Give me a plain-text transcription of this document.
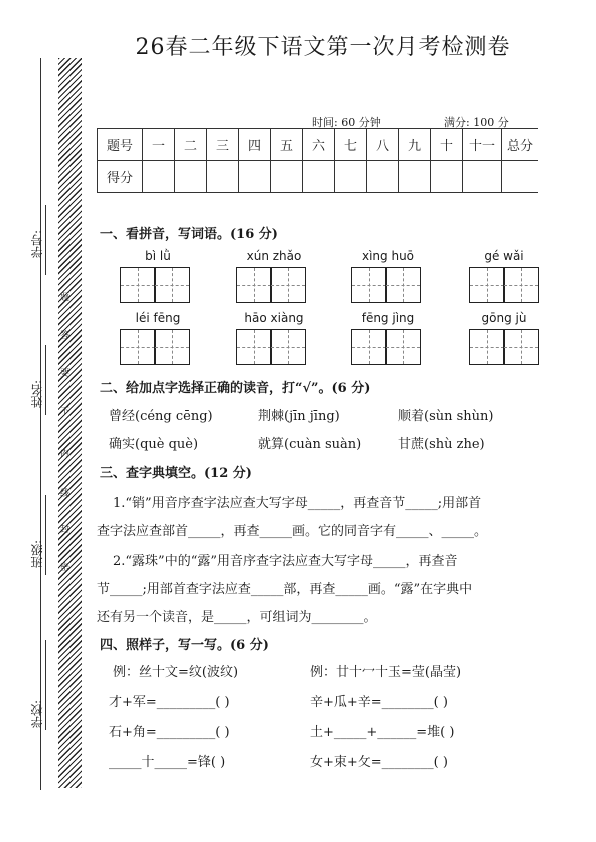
26春二年级下语文第一次月考检测卷
学号:
姓名:
班级:
学校:
题
答
要
不
内
线
封
密
时间: 60 分钟	满分: 100 分
题号	一	二	三	四	五	六	七	八	九	十	十一	总分
得分												
一、看拼音，写词语。(16 分)
bì lǜ	xún zhǎo	xìng huō	gé wǎi
léi fēng	hāo xiàng	fēng jìng	gōng jù
二、给加点字选择正确的读音，打“√”。(6 分)
曾经(céng cēng)	荆棘(jīn jīng)	顺着(sùn shùn)
确实(què què)	就算(cuàn suàn)	甘蔗(shù zhe)
三、查字典填空。(12 分)
1.“销”用音序查字法应查大写字母_____，再查音节_____;用部首
查字法应查部首_____，再查_____画。它的同音字有_____、_____。
2.“露珠”中的“露”用音序查字法应查大写字母_____，再查音
节_____;用部首查字法应查_____部，再查_____画。“露”在字典中
还有另一个读音，是_____，可组词为________。
四、照样子，写一写。(6 分)
例：丝十文=纹(波纹)	例：廿十冖十玉=莹(晶莹)
才+军=_________( )	辛+瓜+辛=________( )
石+角=_________( )	土+_____+______=堆( )
_____十_____=锋( )	女+束+攵=________( )
